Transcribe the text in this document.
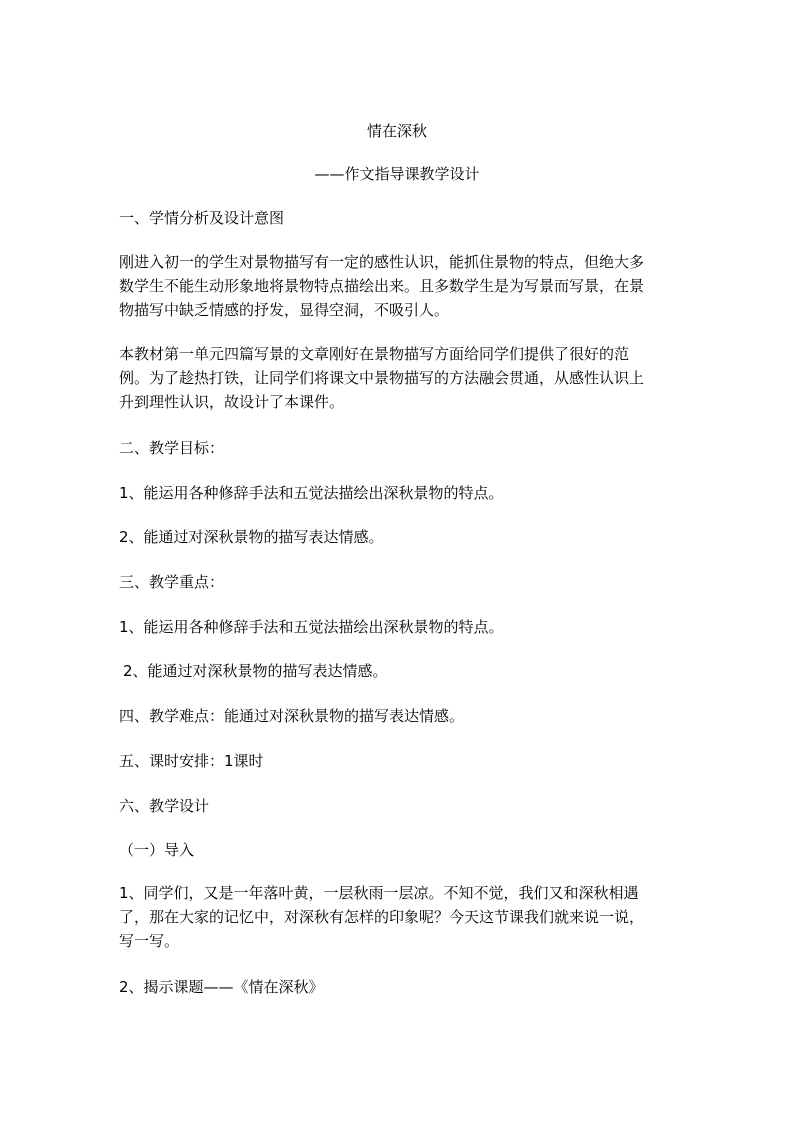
情在深秋
——作文指导课教学设计
一、学情分析及设计意图
刚进入初一的学生对景物描写有一定的感性认识，能抓住景物的特点，但绝大多
数学生不能生动形象地将景物特点描绘出来。且多数学生是为写景而写景，在景
物描写中缺乏情感的抒发，显得空洞，不吸引人。
本教材第一单元四篇写景的文章刚好在景物描写方面给同学们提供了很好的范
例。为了趁热打铁，让同学们将课文中景物描写的方法融会贯通，从感性认识上
升到理性认识，故设计了本课件。
二、教学目标：
1、能运用各种修辞手法和五觉法描绘出深秋景物的特点。
2、能通过对深秋景物的描写表达情感。
三、教学重点：
1、能运用各种修辞手法和五觉法描绘出深秋景物的特点。
2、能通过对深秋景物的描写表达情感。
四、教学难点：能通过对深秋景物的描写表达情感。
五、课时安排：1课时
六、教学设计
（一）导入
1、同学们，又是一年落叶黄，一层秋雨一层凉。不知不觉，我们又和深秋相遇
了，那在大家的记忆中，对深秋有怎样的印象呢？今天这节课我们就来说一说，
写一写。
2、揭示课题——《情在深秋》
